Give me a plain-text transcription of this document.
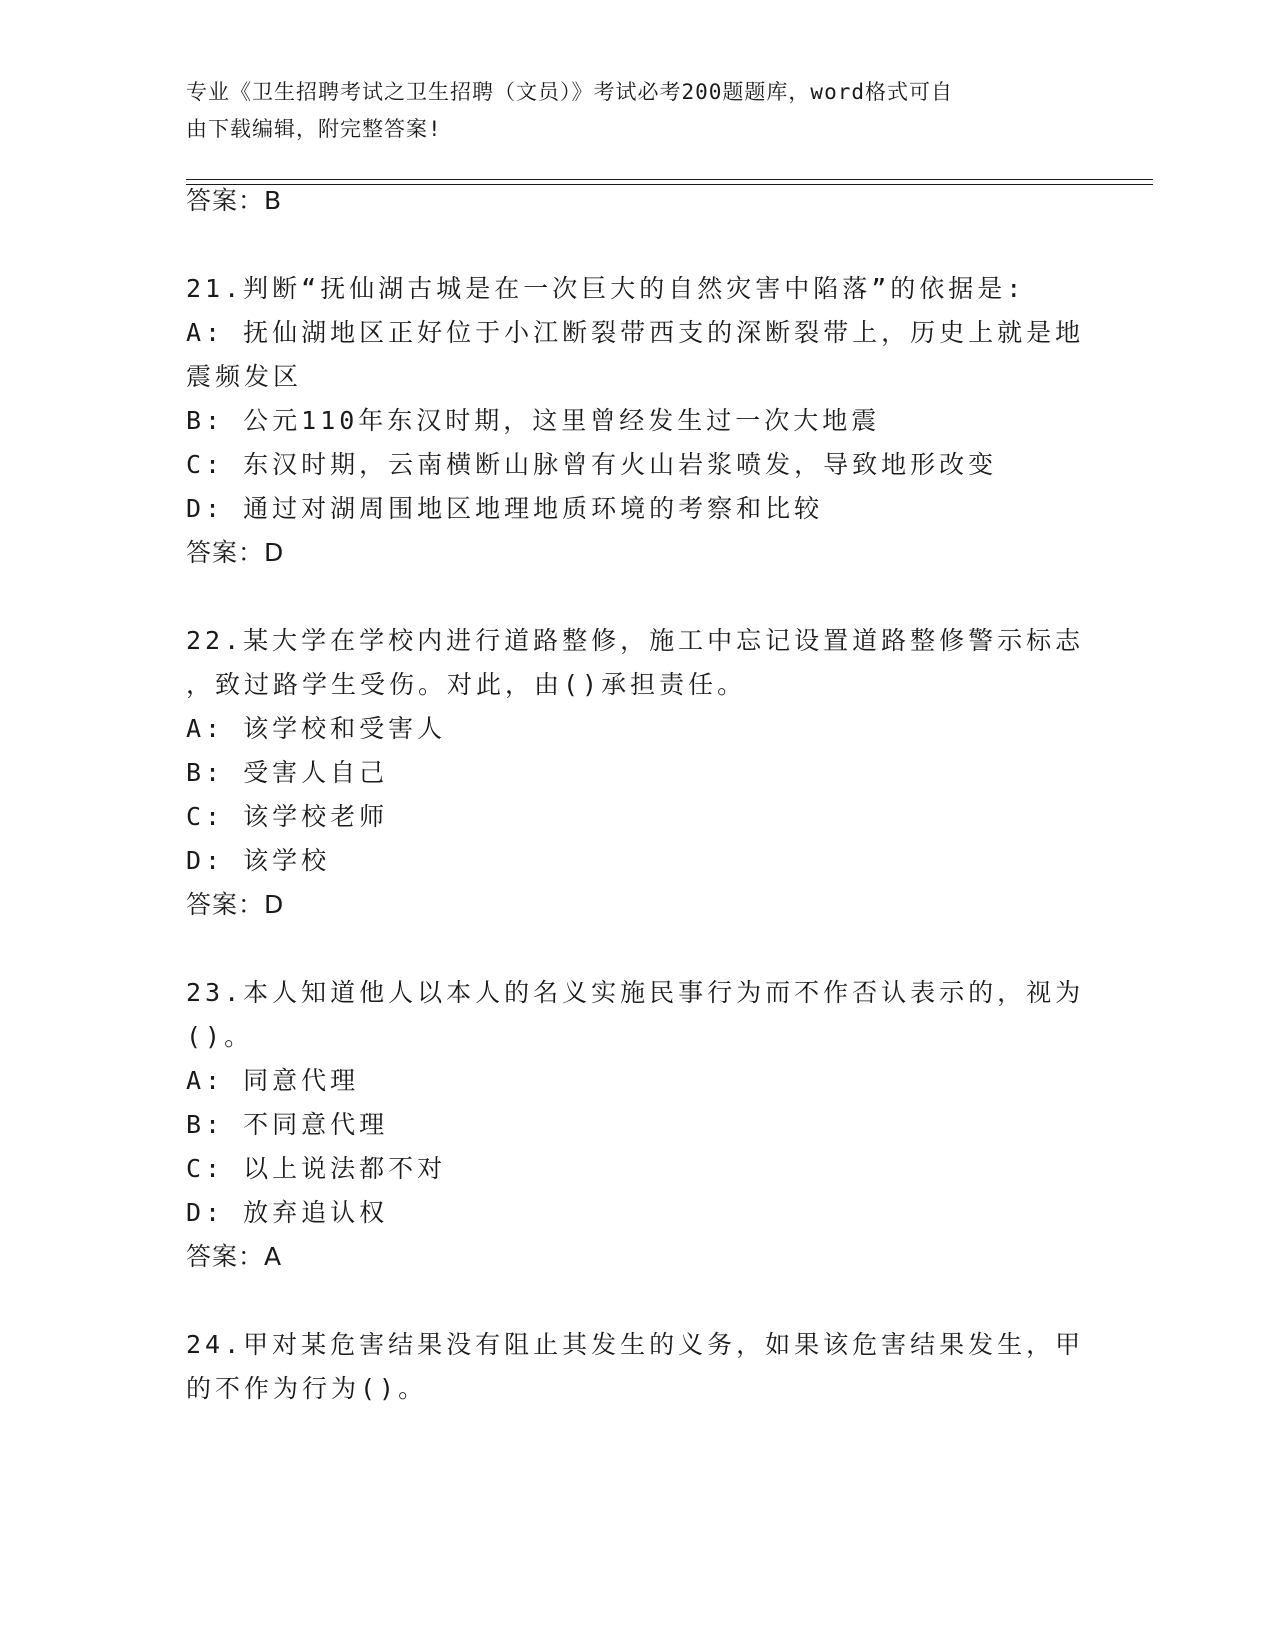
专业《卫生招聘考试之卫生招聘（文员）》考试必考200题题库，word格式可自
由下载编辑，附完整答案!
答案：B
21.判断“抚仙湖古城是在一次巨大的自然灾害中陷落”的依据是:
A: 抚仙湖地区正好位于小江断裂带西支的深断裂带上，历史上就是地
震频发区
B: 公元110年东汉时期，这里曾经发生过一次大地震
C: 东汉时期，云南横断山脉曾有火山岩浆喷发，导致地形改变
D: 通过对湖周围地区地理地质环境的考察和比较
答案：D
22.某大学在学校内进行道路整修，施工中忘记设置道路整修警示标志
，致过路学生受伤。对此，由()承担责任。
A: 该学校和受害人
B: 受害人自己
C: 该学校老师
D: 该学校
答案：D
23.本人知道他人以本人的名义实施民事行为而不作否认表示的，视为
()。
A: 同意代理
B: 不同意代理
C: 以上说法都不对
D: 放弃追认权
答案：A
24.甲对某危害结果没有阻止其发生的义务，如果该危害结果发生，甲
的不作为行为()。
